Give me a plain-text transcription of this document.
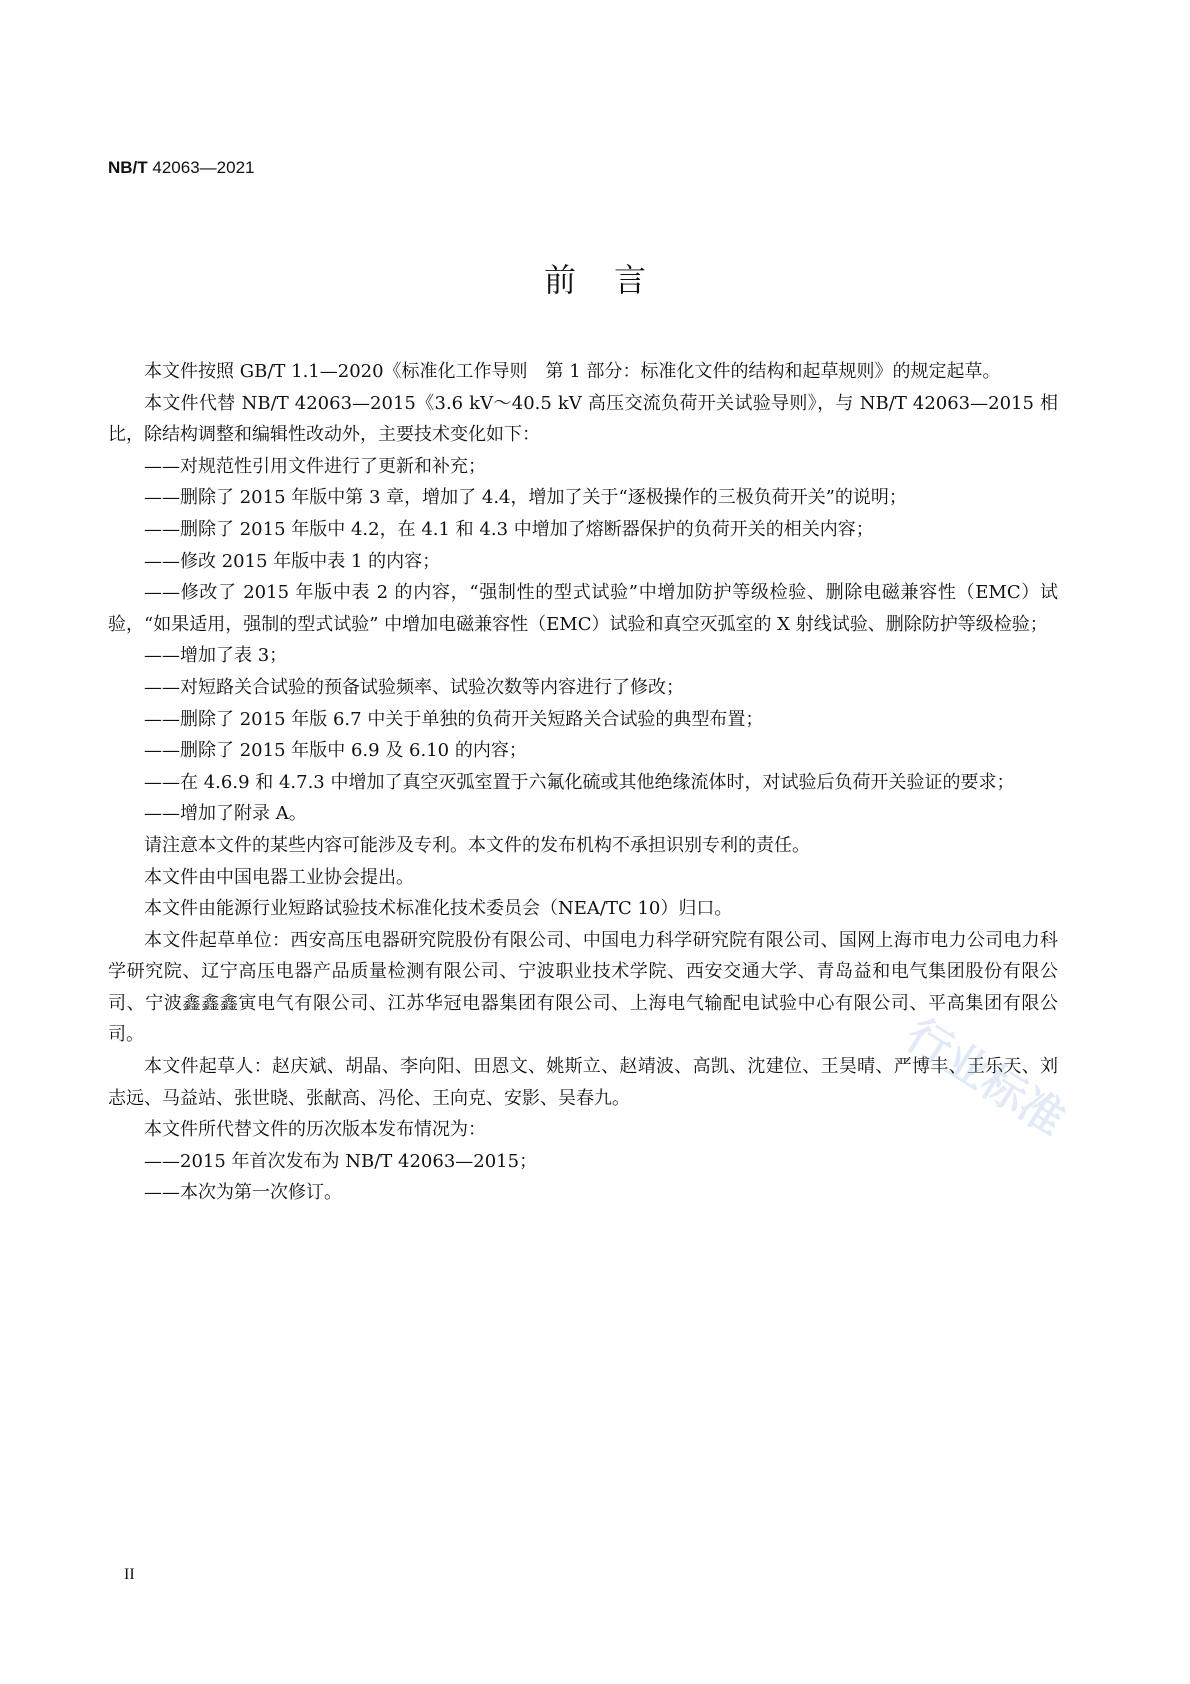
NB/T 42063—2021
前言

本文件按照 GB/T 1.1—2020《标准化工作导则　第 1 部分：标准化文件的结构和起草规则》的规定起草。

本文件代替 NB/T 42063—2015《3.6 kV～40.5 kV 高压交流负荷开关试验导则》，与 NB/T 42063—2015 相比，除结构调整和编辑性改动外，主要技术变化如下：

——对规范性引用文件进行了更新和补充；

——删除了 2015 年版中第 3 章，增加了 4.4，增加了关于“逐极操作的三极负荷开关”的说明；

——删除了 2015 年版中 4.2，在 4.1 和 4.3 中增加了熔断器保护的负荷开关的相关内容；

——修改 2015 年版中表 1 的内容；

——修改了 2015 年版中表 2 的内容，“强制性的型式试验”中增加防护等级检验、删除电磁兼容性（EMC）试验，“如果适用，强制的型式试验” 中增加电磁兼容性（EMC）试验和真空灭弧室的 X 射线试验、删除防护等级检验；

——增加了表 3；

——对短路关合试验的预备试验频率、试验次数等内容进行了修改；

——删除了 2015 年版 6.7 中关于单独的负荷开关短路关合试验的典型布置；

——删除了 2015 年版中 6.9 及 6.10 的内容；

——在 4.6.9 和 4.7.3 中增加了真空灭弧室置于六氟化硫或其他绝缘流体时，对试验后负荷开关验证的要求；

——增加了附录 A。

请注意本文件的某些内容可能涉及专利。本文件的发布机构不承担识别专利的责任。

本文件由中国电器工业协会提出。

本文件由能源行业短路试验技术标准化技术委员会（NEA/TC 10）归口。

本文件起草单位：西安高压电器研究院股份有限公司、中国电力科学研究院有限公司、国网上海市电力公司电力科学研究院、辽宁高压电器产品质量检测有限公司、宁波职业技术学院、西安交通大学、青岛益和电气集团股份有限公司、宁波鑫鑫鑫寅电气有限公司、江苏华冠电器集团有限公司、上海电气输配电试验中心有限公司、平高集团有限公司。

本文件起草人：赵庆斌、胡晶、李向阳、田恩文、姚斯立、赵靖波、高凯、沈建位、王昊晴、严博丰、王乐天、刘志远、马益站、张世晓、张献高、冯伦、王向克、安影、吴春九。

本文件所代替文件的历次版本发布情况为：

——2015 年首次发布为 NB/T 42063—2015；

——本次为第一次修订。

行业标准
II
